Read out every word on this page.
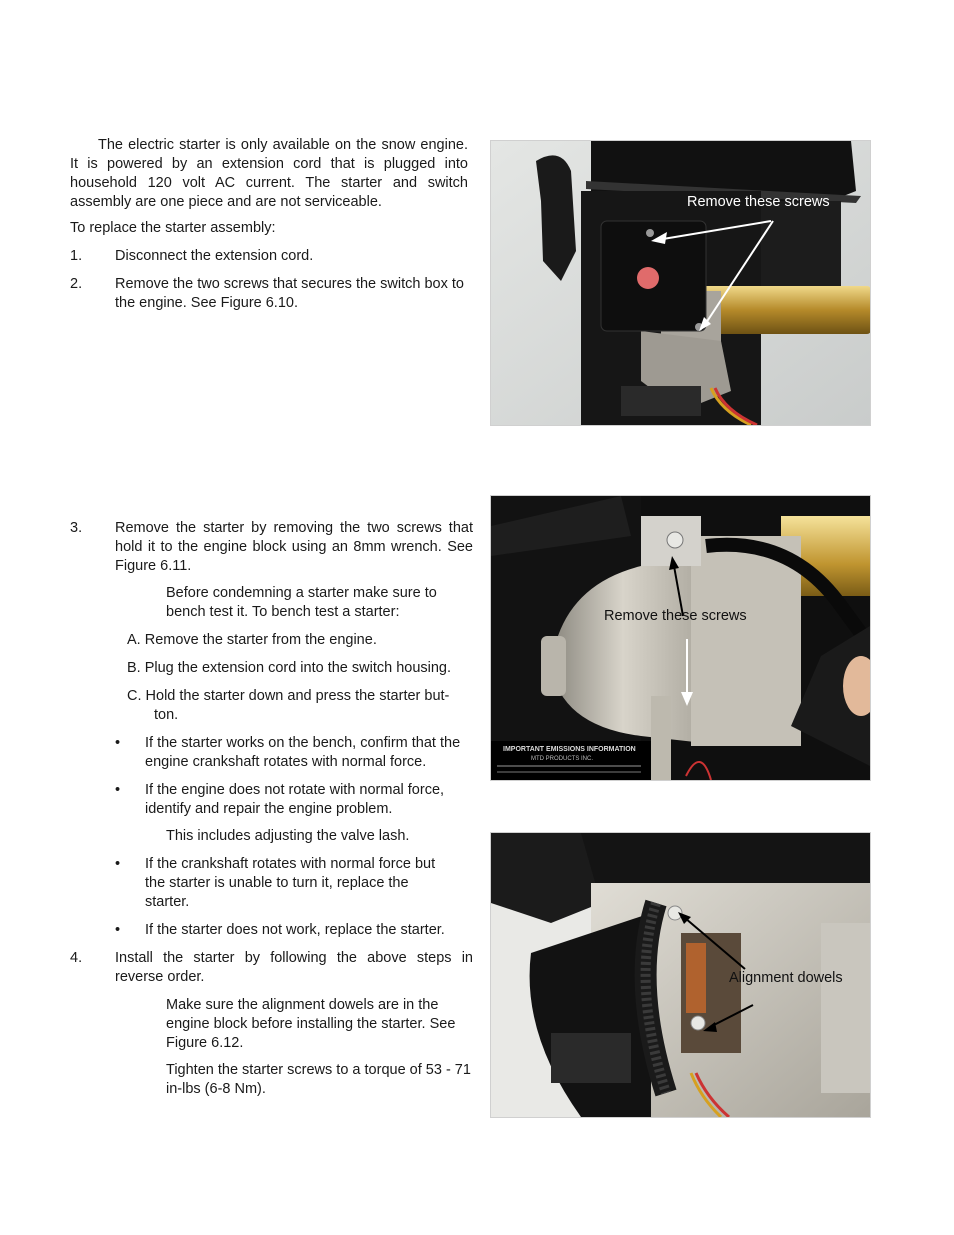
The electric starter is only available on the snow engine. It is powered by an extension cord that is plugged into household 120 volt AC current. The starter and switch assembly are one piece and are not serviceable.
To replace the starter assembly:
1. Disconnect the extension cord.
2. Remove the two screws that secures the switch box to the engine. See Figure 6.10.
3. Remove the starter by removing the two screws that hold it to the engine block using an 8mm wrench. See Figure 6.11.
Before condemning a starter make sure to bench test it. To bench test a starter:
A. Remove the starter from the engine.
B. Plug the extension cord into the switch housing.
C. Hold the starter down and press the starter but-ton.
• If the starter works on the bench, confirm that the engine crankshaft rotates with normal force.
• If the engine does not rotate with normal force, identify and repair the engine problem.
This includes adjusting the valve lash.
• If the crankshaft rotates with normal force but the starter is unable to turn it, replace the starter.
• If the starter does not work, replace the starter.
4. Install the starter by following the above steps in reverse order.
Make sure the alignment dowels are in the engine block before installing the starter. See Figure 6.12.
Tighten the starter screws to a torque of 53 - 71 in-lbs (6-8 Nm).
Remove these screws
IMPORTANT EMISSIONS INFORMATION
MTD PRODUCTS INC.
Remove these screws
Alignment dowels
